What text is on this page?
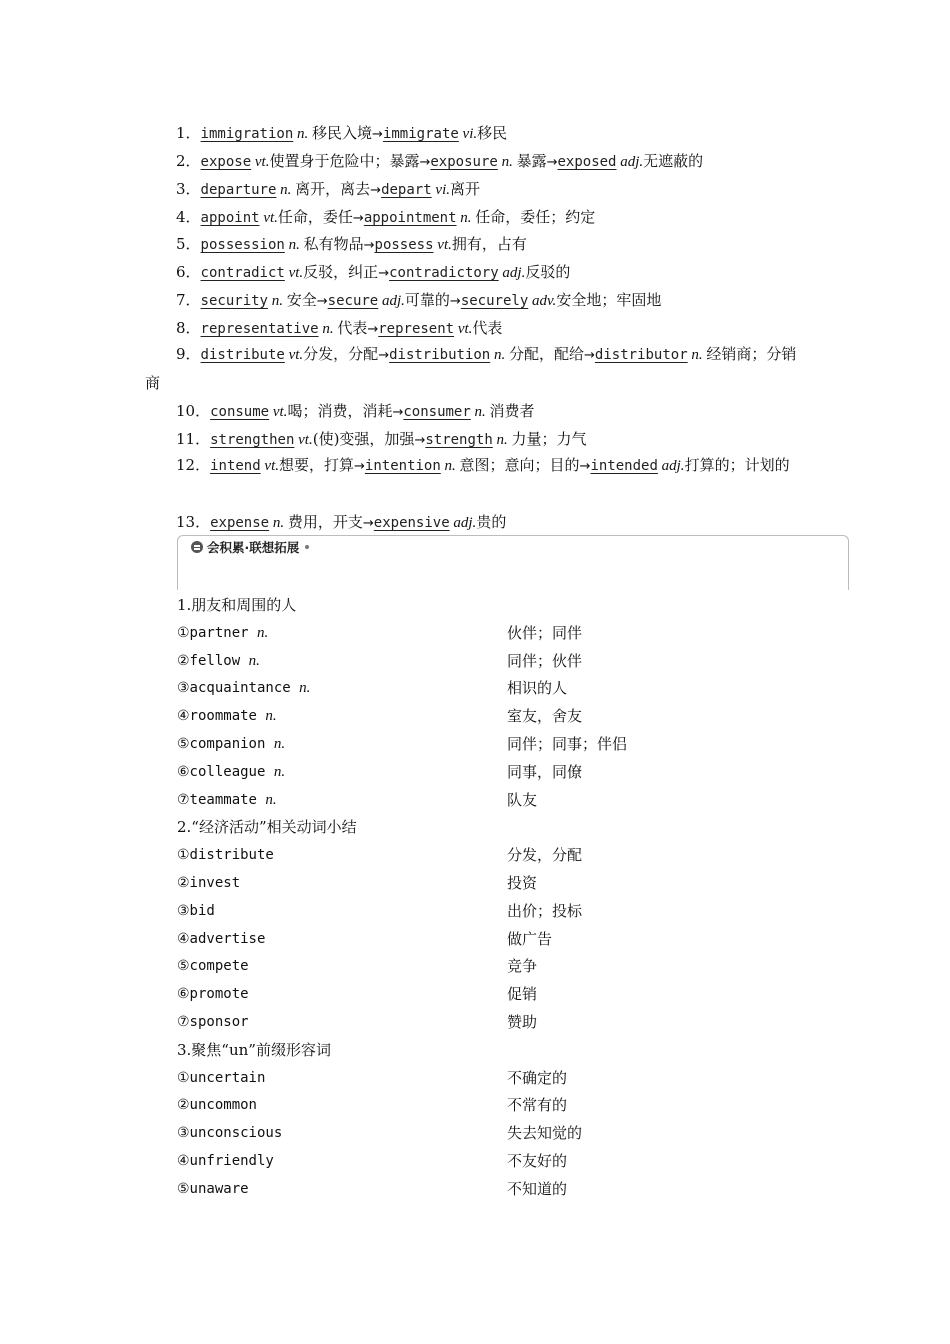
1．immigration n. 移民入境→immigrate vi.移民
2．expose vt.使置身于危险中；暴露→exposure n. 暴露→exposed adj.无遮蔽的
3．departure n. 离开，离去→depart vi.离开
4．appoint vt.任命，委任→appointment n. 任命，委任；约定
5．possession n. 私有物品→possess vt.拥有，占有
6．contradict vt.反驳，纠正→contradictory adj.反驳的
7．security n. 安全→secure adj.可靠的→securely adv.安全地；牢固地
8．representative n. 代表→represent vt.代表
9．distribute vt.分发，分配→distribution n. 分配，配给→distributor n. 经销商；分销商
10．consume vt.喝；消费，消耗→consumer n. 消费者
11．strengthen vt.(使)变强，加强→strength n. 力量；力气
12．intend vt.想要，打算→intention n. 意图；意向；目的→intended adj.打算的；计划的
13．expense n. 费用，开支→expensive adj.贵的
会积累·联想拓展
1.朋友和周围的人
①partner n.	伙伴；同伴
②fellow n.	同伴；伙伴
③acquaintance n.	相识的人
④roommate n.	室友，舍友
⑤companion n.	同伴；同事；伴侣
⑥colleague n.	同事，同僚
⑦teammate n.	队友
2.“经济活动”相关动词小结
①distribute	分发，分配
②invest	投资
③bid	出价；投标
④advertise	做广告
⑤compete	竞争
⑥promote	促销
⑦sponsor	赞助
3.聚焦“un”前缀形容词
①uncertain	不确定的
②uncommon	不常有的
③unconscious	失去知觉的
④unfriendly	不友好的
⑤unaware	不知道的
